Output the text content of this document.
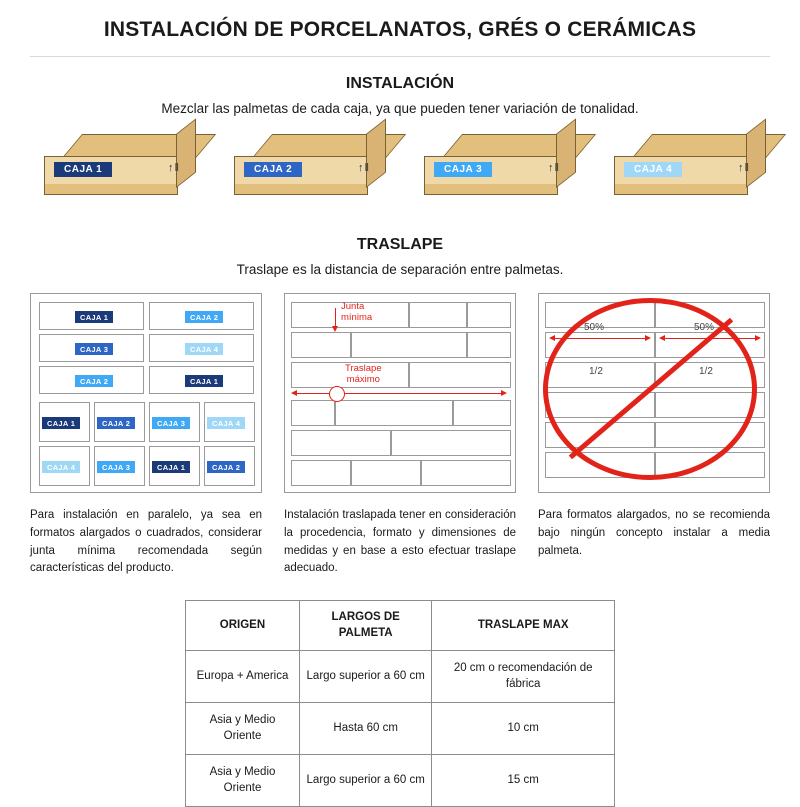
INSTALACIÓN DE PORCELANATOS, GRÉS O CERÁMICAS
INSTALACIÓN
Mezclar las palmetas de cada caja, ya que pueden tener variación de tonalidad.
CAJA 1	↑‖	CAJA 2	↑‖	CAJA 3	↑‖	CAJA 4	↑‖
TRASLAPE
Traslape es la distancia de separación entre palmetas.
CAJA 1	CAJA 2
CAJA 3	CAJA 4
CAJA 2	CAJA 1
CAJA 1	CAJA 2	CAJA 3	CAJA 4
CAJA 4	CAJA 3	CAJA 1	CAJA 2
Para instalación en paralelo, ya sea en formatos alargados o cuadrados, considerar junta mínima recomendada según características del producto.
Junta
mínima
Traslape
máximo
Instalación traslapada tener en consideración la procedencia, formato y dimensiones de medidas y en base a esto efectuar traslape adecuado.
50%	50%
1/2	1/2
Para formatos alargados, no se recomienda bajo ningún concepto instalar a media palmeta.
ORIGEN	LARGOS DE PALMETA	TRASLAPE MAX
Europa + America	Largo superior a 60 cm	20 cm o recomendación de fábrica
Asia y Medio Oriente	Hasta 60 cm	10 cm
Asia y Medio Oriente	Largo superior a 60 cm	15 cm
